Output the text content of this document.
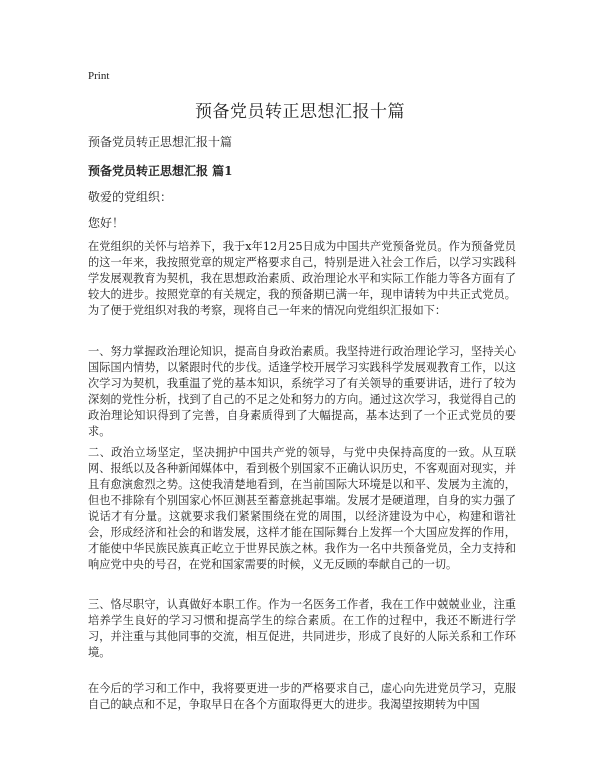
Print
预备党员转正思想汇报十篇
预备党员转正思想汇报十篇
预备党员转正思想汇报 篇1
敬爱的党组织：
您好！

在党组织的关怀与培养下，我于x年12月25日成为中国共产党预备党员。作为预备党员的这一年来，我按照党章的规定严格要求自己，特别是进入社会工作后，以学习实践科学发展观教育为契机，我在思想政治素质、政治理论水平和实际工作能力等各方面有了较大的进步。按照党章的有关规定，我的预备期已满一年，现申请转为中共正式党员。为了便于党组织对我的考察，现将自己一年来的情况向党组织汇报如下：

一、努力掌握政治理论知识，提高自身政治素质。我坚持进行政治理论学习，坚持关心国际国内情势，以紧跟时代的步伐。适逢学校开展学习实践科学发展观教育工作，以这次学习为契机，我重温了党的基本知识，系统学习了有关领导的重要讲话，进行了较为深刻的党性分析，找到了自己的不足之处和努力的方向。通过这次学习，我觉得自己的政治理论知识得到了完善，自身素质得到了大幅提高，基本达到了一个正式党员的要求。

二、政治立场坚定，坚决拥护中国共产党的领导，与党中央保持高度的一致。从互联网、报纸以及各种新闻媒体中，看到极个别国家不正确认识历史，不客观面对现实，并且有愈演愈烈之势。这使我清楚地看到，在当前国际大环境是以和平、发展为主流的，但也不排除有个别国家心怀叵测甚至蓄意挑起事端。发展才是硬道理，自身的实力强了说话才有分量。这就要求我们紧紧围绕在党的周围，以经济建设为中心，构建和谐社会，形成经济和社会的和谐发展，这样才能在国际舞台上发挥一个大国应发挥的作用，才能使中华民族民族真正屹立于世界民族之林。我作为一名中共预备党员，全力支持和响应党中央的号召，在党和国家需要的时候，义无反顾的奉献自己的一切。

三、恪尽职守，认真做好本职工作。作为一名医务工作者，我在工作中兢兢业业，注重培养学生良好的学习习惯和提高学生的综合素质。在工作的过程中，我还不断进行学习，并注重与其他同事的交流，相互促进，共同进步，形成了良好的人际关系和工作环境。

在今后的学习和工作中，我将要更进一步的严格要求自己，虚心向先进党员学习，克服自己的缺点和不足，争取早日在各个方面取得更大的进步。我渴望按期转为中国
